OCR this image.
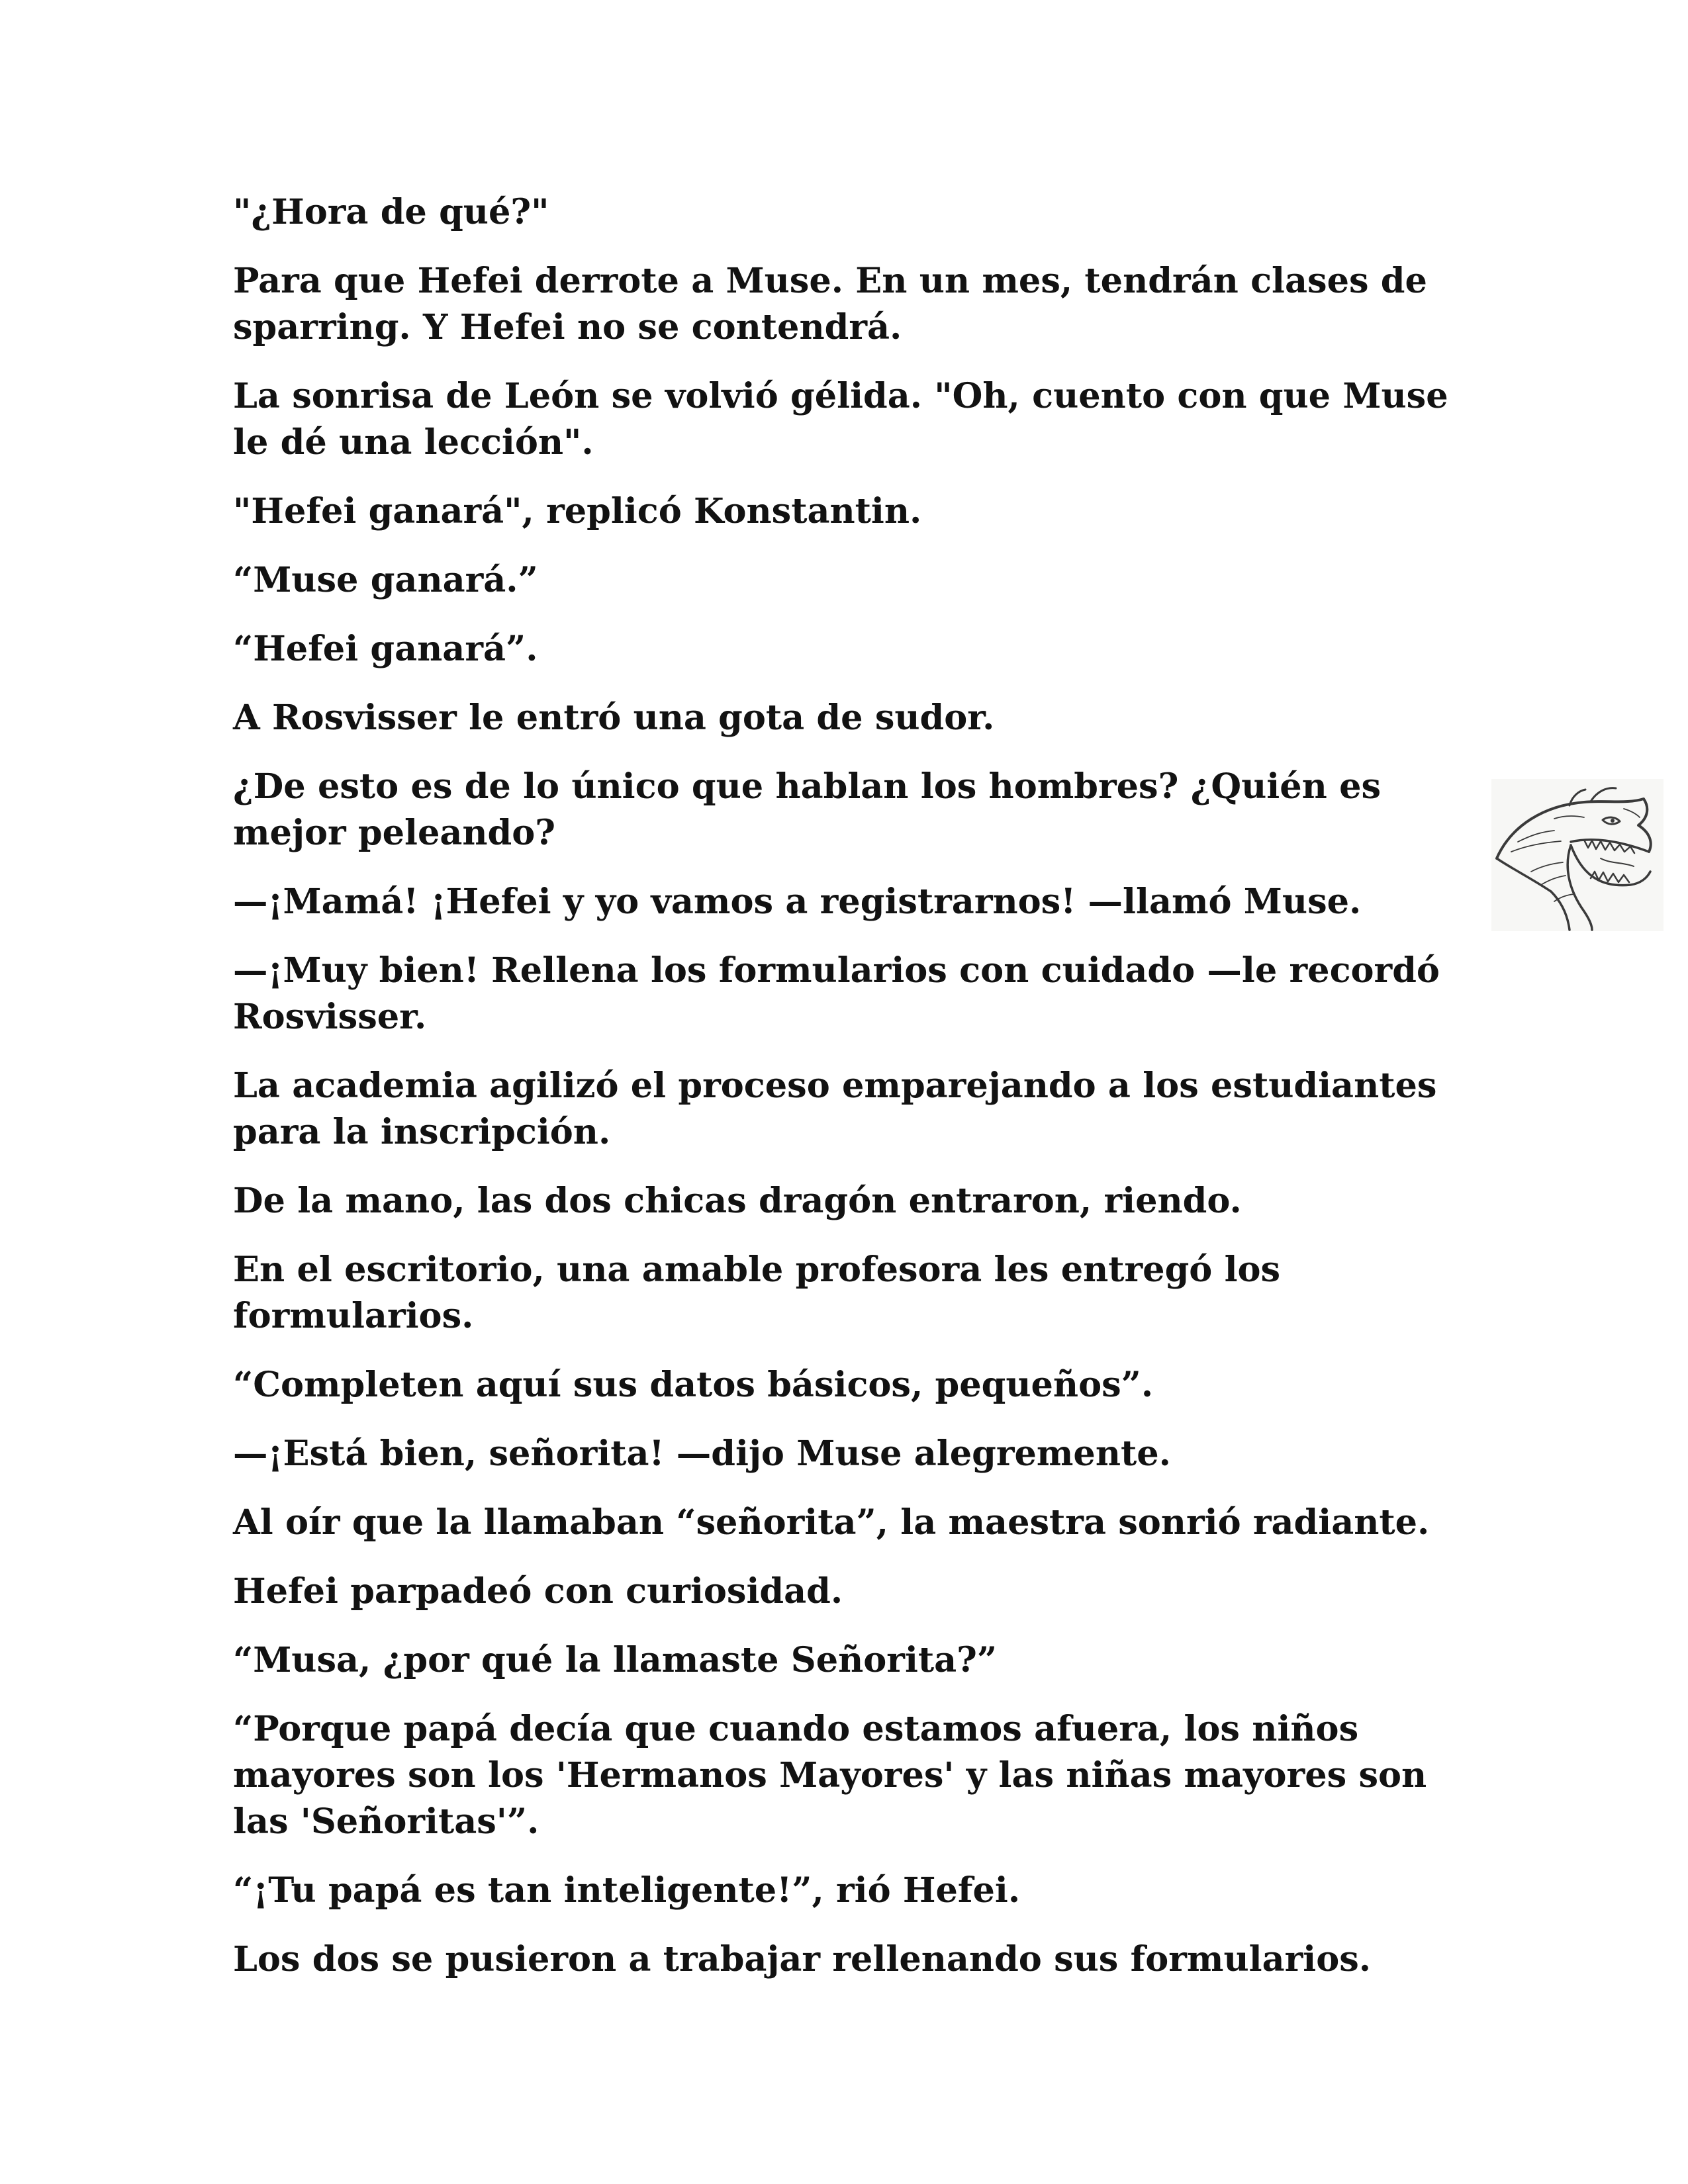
"¿Hora de qué?"

Para que Hefei derrote a Muse. En un mes, tendrán clases de sparring. Y Hefei no se contendrá.

La sonrisa de León se volvió gélida. "Oh, cuento con que Muse le dé una lección".

"Hefei ganará", replicó Konstantin.

“Muse ganará.”

“Hefei ganará”.

A Rosvisser le entró una gota de sudor.

¿De esto es de lo único que hablan los hombres? ¿Quién es mejor peleando?

—¡Mamá! ¡Hefei y yo vamos a registrarnos! —llamó Muse.

—¡Muy bien! Rellena los formularios con cuidado —le recordó Rosvisser.

La academia agilizó el proceso emparejando a los estudiantes para la inscripción.

De la mano, las dos chicas dragón entraron, riendo.

En el escritorio, una amable profesora les entregó los formularios.

“Completen aquí sus datos básicos, pequeños”.

—¡Está bien, señorita! —dijo Muse alegremente.

Al oír que la llamaban “señorita”, la maestra sonrió radiante.

Hefei parpadeó con curiosidad.

“Musa, ¿por qué la llamaste Señorita?”

“Porque papá decía que cuando estamos afuera, los niños mayores son los 'Hermanos Mayores' y las niñas mayores son las 'Señoritas'”.

“¡Tu papá es tan inteligente!”, rió Hefei.

Los dos se pusieron a trabajar rellenando sus formularios.
